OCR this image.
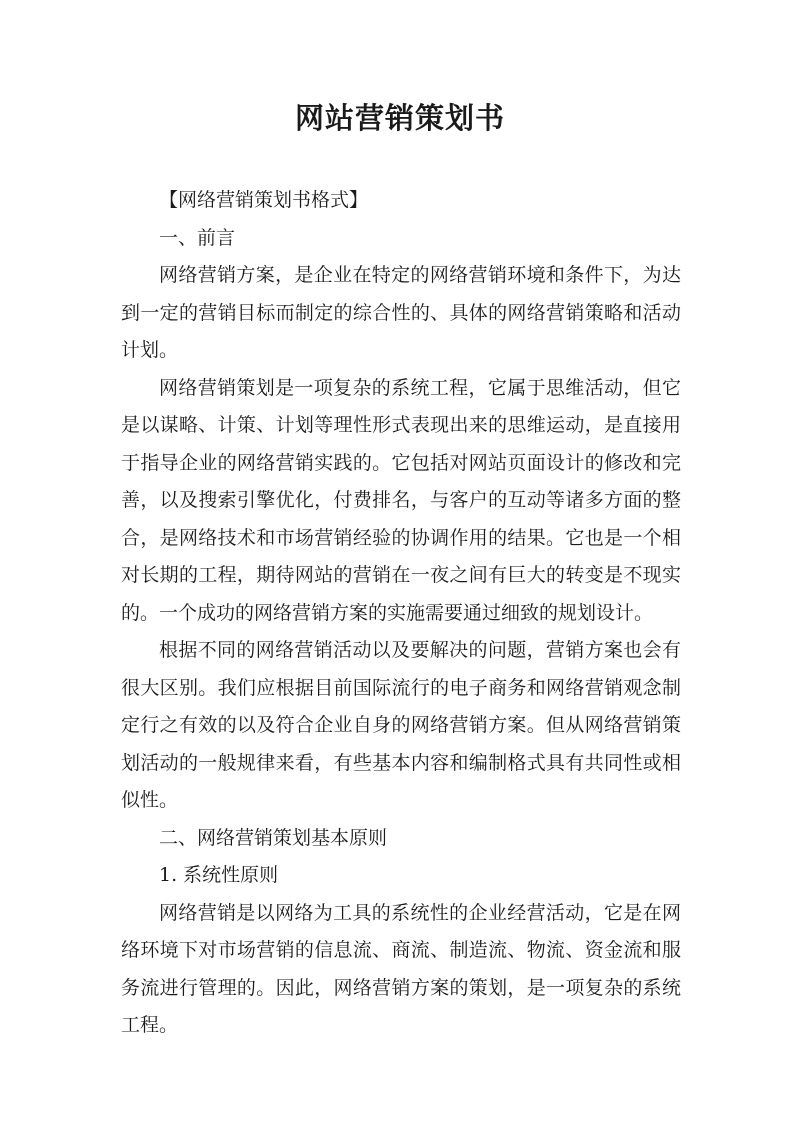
网站营销策划书

【网络营销策划书格式】

一、前言

网络营销方案，是企业在特定的网络营销环境和条件下，为达到一定的营销目标而制定的综合性的、具体的网络营销策略和活动计划。

网络营销策划是一项复杂的系统工程，它属于思维活动，但它是以谋略、计策、计划等理性形式表现出来的思维运动，是直接用于指导企业的网络营销实践的。它包括对网站页面设计的修改和完善，以及搜索引擎优化，付费排名，与客户的互动等诸多方面的整合，是网络技术和市场营销经验的协调作用的结果。它也是一个相对长期的工程，期待网站的营销在一夜之间有巨大的转变是不现实的。一个成功的网络营销方案的实施需要通过细致的规划设计。

根据不同的网络营销活动以及要解决的问题，营销方案也会有很大区别。我们应根据目前国际流行的电子商务和网络营销观念制定行之有效的以及符合企业自身的网络营销方案。但从网络营销策划活动的一般规律来看，有些基本内容和编制格式具有共同性或相似性。

二、网络营销策划基本原则

1. 系统性原则

网络营销是以网络为工具的系统性的企业经营活动，它是在网络环境下对市场营销的信息流、商流、制造流、物流、资金流和服务流进行管理的。因此，网络营销方案的策划，是一项复杂的系统工程。
